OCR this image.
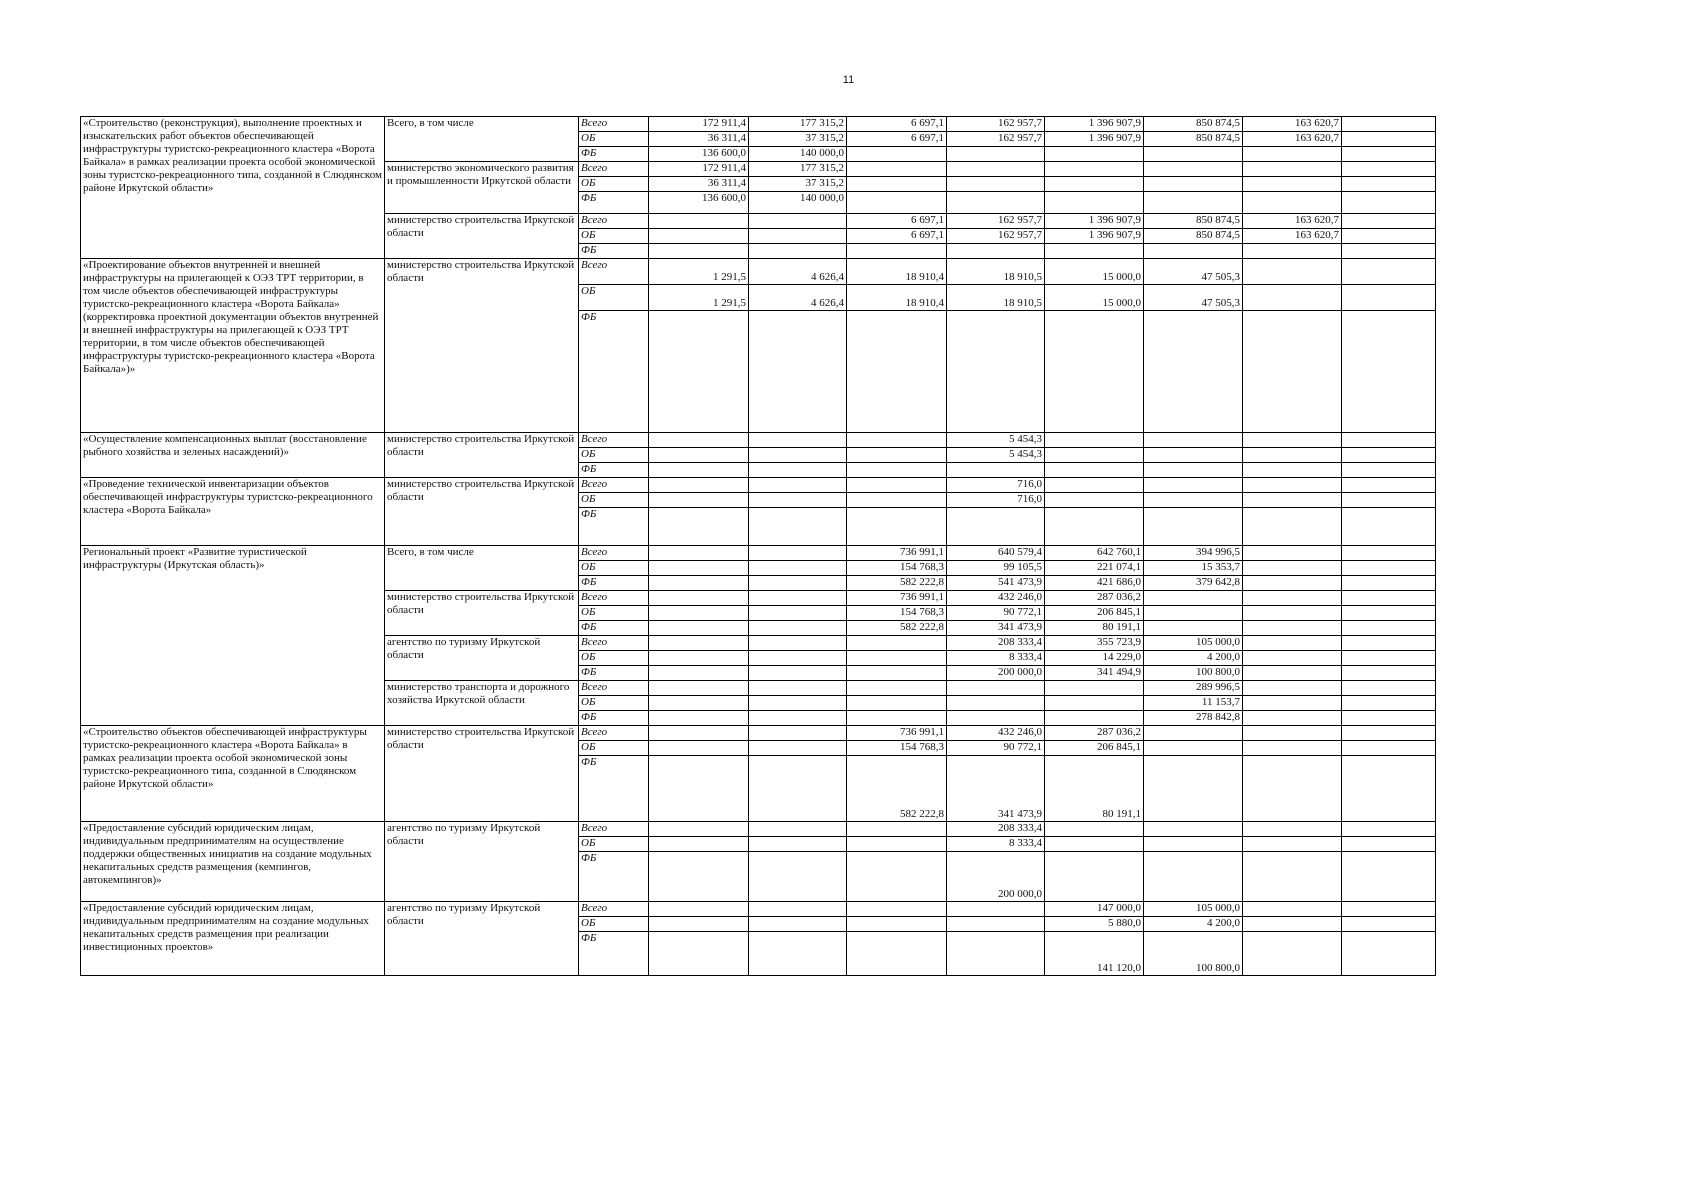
11
«Строительство (реконструкция), выполнение проектных и изыскательских работ объектов обеспечивающей инфраструктуры туристско-рекреационного кластера «Ворота Байкала» в рамках реализации проекта особой экономической зоны туристско-рекреационного типа, созданной в Слюдянском районе Иркутской области»	Всего, в том числе	Всего	172 911,4	177 315,2	6 697,1	162 957,7	1 396 907,9	850 874,5	163 620,7	
		ОБ	36 311,4	37 315,2	6 697,1	162 957,7	1 396 907,9	850 874,5	163 620,7	
		ФБ	136 600,0	140 000,0						
	министерство экономического развития и промышленности Иркутской области	Всего	172 911,4	177 315,2						
		ОБ	36 311,4	37 315,2						
		ФБ	136 600,0	140 000,0						
	министерство строительства Иркутской области	Всего			6 697,1	162 957,7	1 396 907,9	850 874,5	163 620,7	
		ОБ			6 697,1	162 957,7	1 396 907,9	850 874,5	163 620,7	
		ФБ								
«Проектирование объектов внутренней и внешней инфраструктуры на прилегающей к ОЭЗ ТРТ территории, в том числе объектов обеспечивающей инфраструктуры туристско-рекреационного кластера «Ворота Байкала» (корректировка проектной документации объектов внутренней и внешней инфраструктуры на прилегающей к ОЭЗ ТРТ территории, в том числе объектов обеспечивающей инфраструктуры туристско-рекреационного кластера «Ворота Байкала»)»	министерство строительства Иркутской области	Всего	1 291,5	4 626,4	18 910,4	18 910,5	15 000,0	47 505,3		
		ОБ	1 291,5	4 626,4	18 910,4	18 910,5	15 000,0	47 505,3		
		ФБ								
«Осуществление компенсационных выплат (восстановление рыбного хозяйства и зеленых насаждений)»	министерство строительства Иркутской области	Всего				5 454,3				
		ОБ				5 454,3				
		ФБ								
«Проведение технической инвентаризации объектов обеспечивающей инфраструктуры туристско-рекреационного кластера «Ворота Байкала»	министерство строительства Иркутской области	Всего				716,0				
		ОБ				716,0				
		ФБ								
Региональный проект «Развитие туристической инфраструктуры (Иркутская область)»	Всего, в том числе	Всего			736 991,1	640 579,4	642 760,1	394 996,5		
		ОБ			154 768,3	99 105,5	221 074,1	15 353,7		
		ФБ			582 222,8	541 473,9	421 686,0	379 642,8		
	министерство строительства Иркутской области	Всего			736 991,1	432 246,0	287 036,2			
		ОБ			154 768,3	90 772,1	206 845,1			
		ФБ			582 222,8	341 473,9	80 191,1			
	агентство по туризму Иркутской области	Всего				208 333,4	355 723,9	105 000,0		
		ОБ				8 333,4	14 229,0	4 200,0		
		ФБ				200 000,0	341 494,9	100 800,0		
	министерство транспорта и дорожного хозяйства Иркутской области	Всего						289 996,5		
		ОБ						11 153,7		
		ФБ						278 842,8		
«Строительство объектов обеспечивающей инфраструктуры туристско-рекреационного кластера «Ворота Байкала» в рамках реализации проекта особой экономической зоны туристско-рекреационного типа, созданной в Слюдянском районе Иркутской области»	министерство строительства Иркутской области	Всего			736 991,1	432 246,0	287 036,2			
		ОБ			154 768,3	90 772,1	206 845,1			
		ФБ			582 222,8	341 473,9	80 191,1			
«Предоставление субсидий юридическим лицам, индивидуальным предпринимателям на осуществление поддержки общественных инициатив на создание модульных некапитальных средств размещения (кемпингов, автокемпингов)»	агентство по туризму Иркутской области	Всего				208 333,4				
		ОБ				8 333,4				
		ФБ				200 000,0				
«Предоставление субсидий юридическим лицам, индивидуальным предпринимателям на создание модульных некапитальных средств размещения при реализации инвестиционных проектов»	агентство по туризму Иркутской области	Всего					147 000,0	105 000,0		
		ОБ					5 880,0	4 200,0		
		ФБ					141 120,0	100 800,0		
